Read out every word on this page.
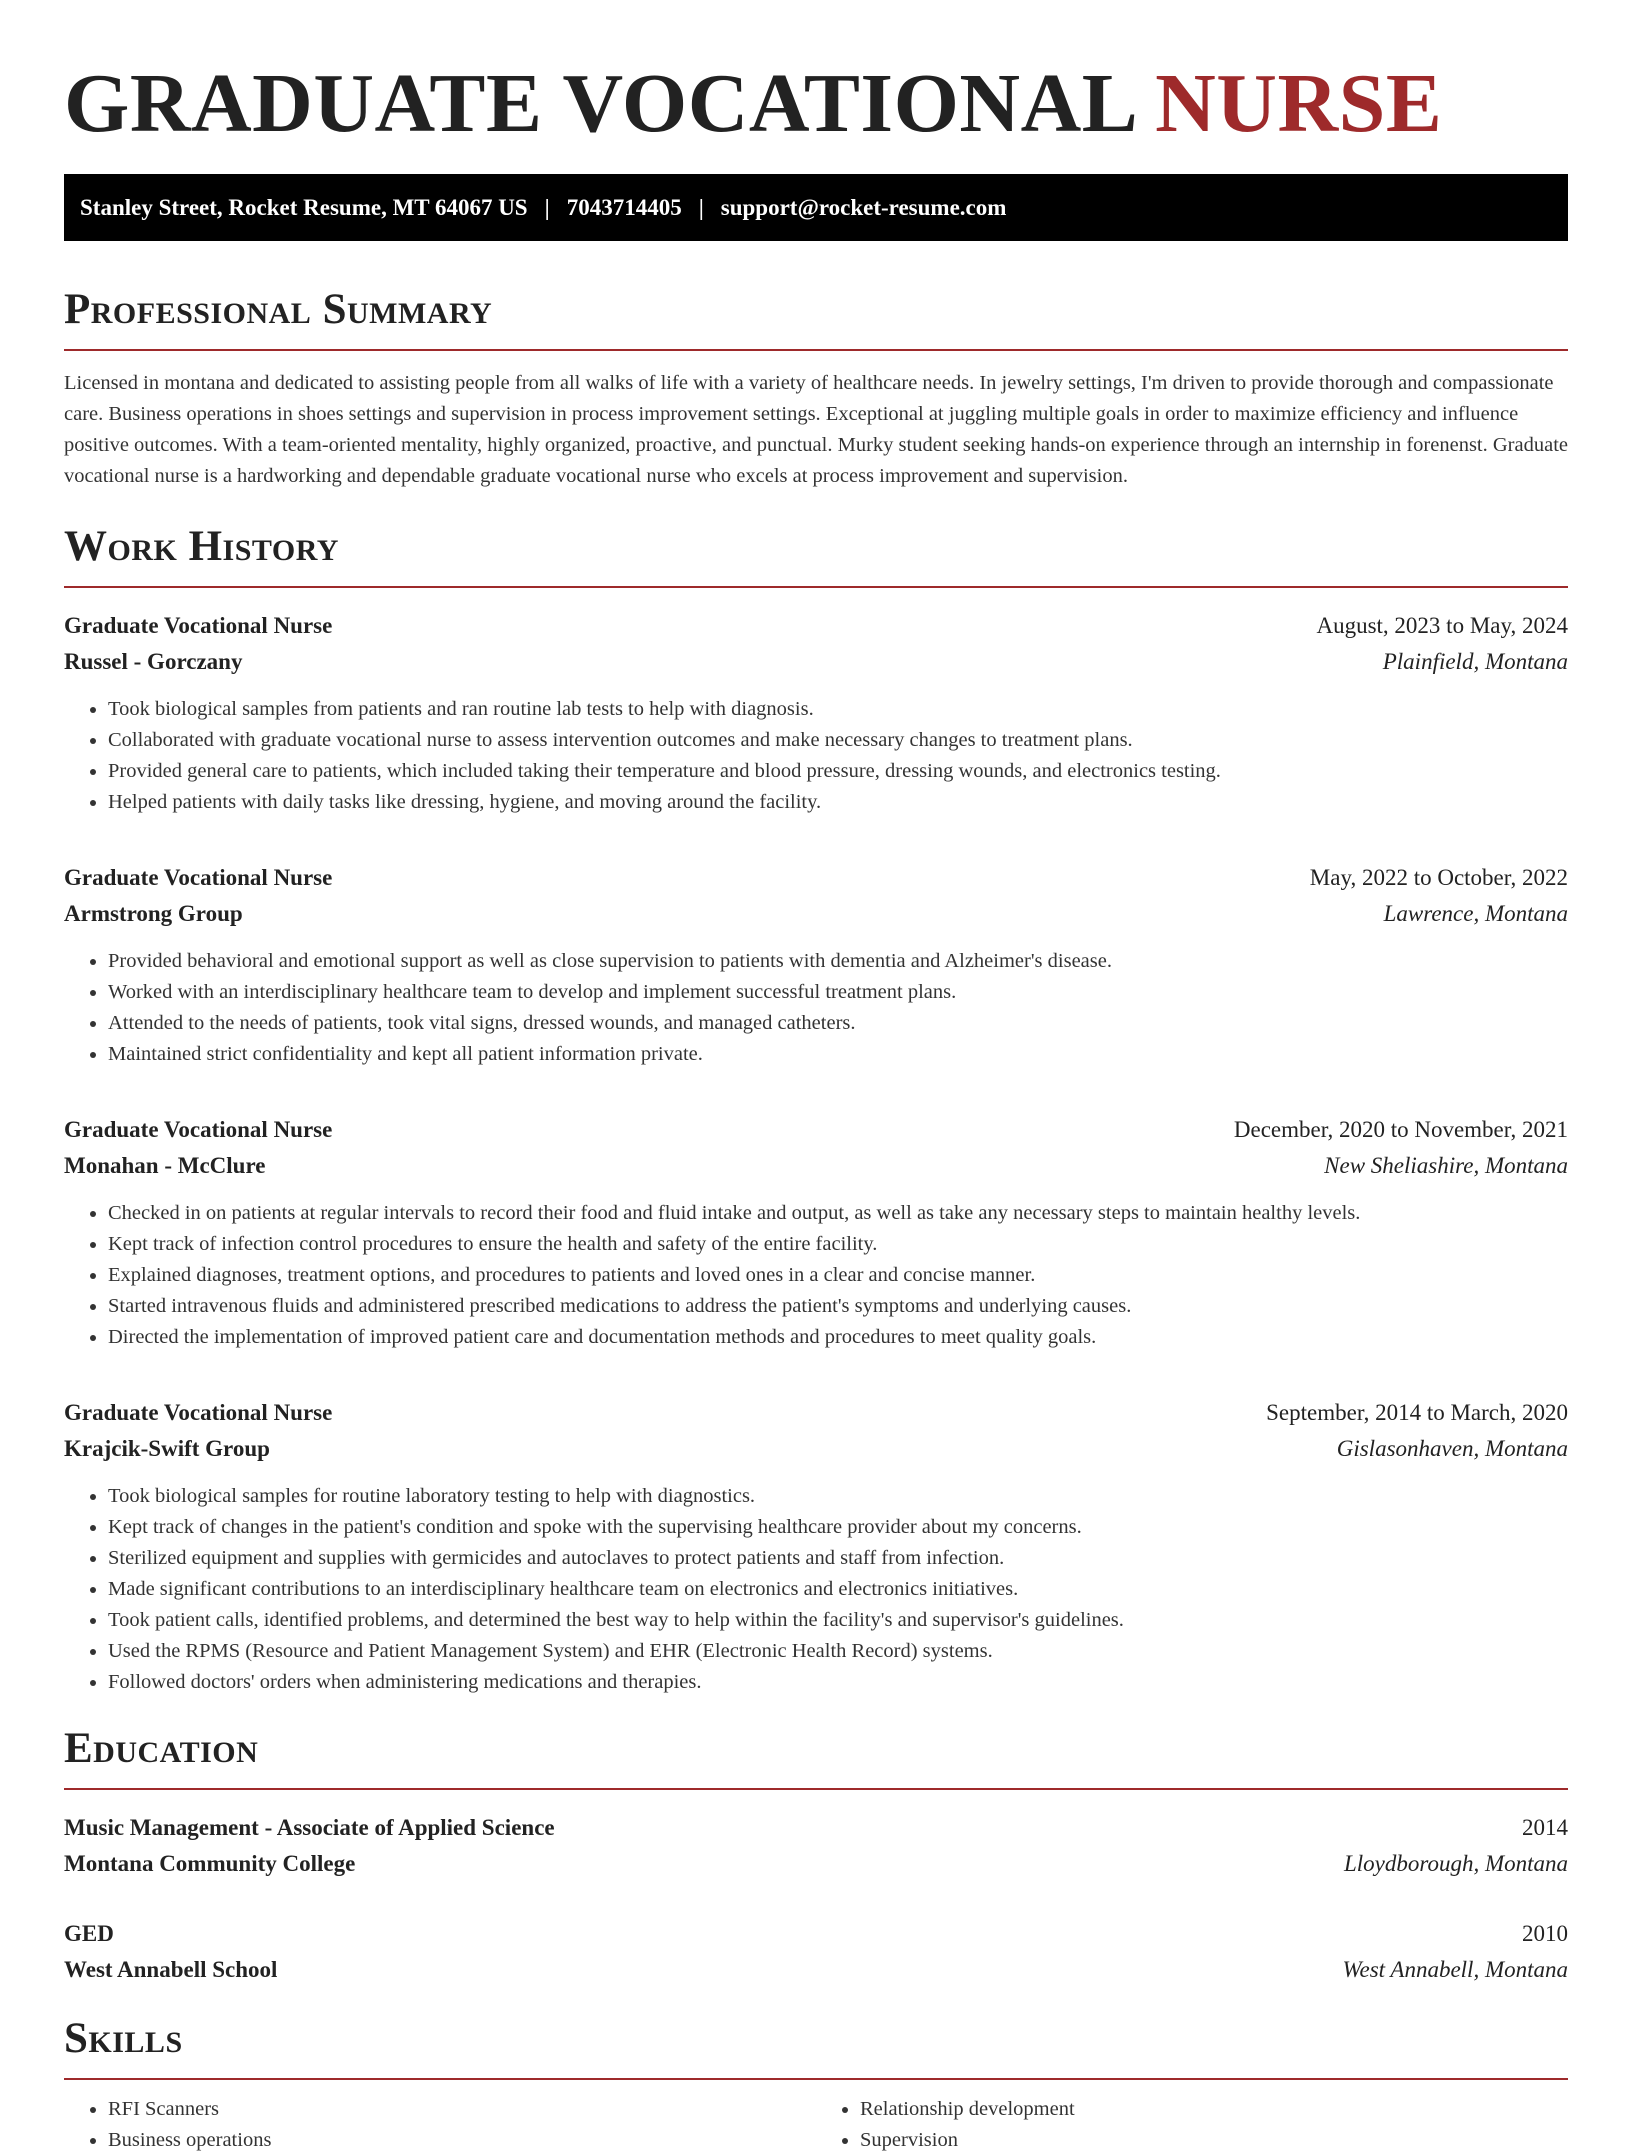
GRADUATE VOCATIONAL NURSE
Stanley Street, Rocket Resume, MT 64067 US | 7043714405 | support@rocket-resume.com
Professional Summary

Licensed in montana and dedicated to assisting people from all walks of life with a variety of healthcare needs. In jewelry settings, I'm driven to provide thorough and compassionate care. Business operations in shoes settings and supervision in process improvement settings. Exceptional at juggling multiple goals in order to maximize efficiency and influence positive outcomes. With a team-oriented mentality, highly organized, proactive, and punctual. Murky student seeking hands-on experience through an internship in forenenst. Graduate vocational nurse is a hardworking and dependable graduate vocational nurse who excels at process improvement and supervision.

Work History
Graduate Vocational Nurse	August, 2023 to May, 2024
Russel - Gorczany	Plainfield, Montana
• Took biological samples from patients and ran routine lab tests to help with diagnosis.
• Collaborated with graduate vocational nurse to assess intervention outcomes and make necessary changes to treatment plans.
• Provided general care to patients, which included taking their temperature and blood pressure, dressing wounds, and electronics testing.
• Helped patients with daily tasks like dressing, hygiene, and moving around the facility.
Graduate Vocational Nurse	May, 2022 to October, 2022
Armstrong Group	Lawrence, Montana
• Provided behavioral and emotional support as well as close supervision to patients with dementia and Alzheimer's disease.
• Worked with an interdisciplinary healthcare team to develop and implement successful treatment plans.
• Attended to the needs of patients, took vital signs, dressed wounds, and managed catheters.
• Maintained strict confidentiality and kept all patient information private.
Graduate Vocational Nurse	December, 2020 to November, 2021
Monahan - McClure	New Sheliashire, Montana
• Checked in on patients at regular intervals to record their food and fluid intake and output, as well as take any necessary steps to maintain healthy levels.
• Kept track of infection control procedures to ensure the health and safety of the entire facility.
• Explained diagnoses, treatment options, and procedures to patients and loved ones in a clear and concise manner.
• Started intravenous fluids and administered prescribed medications to address the patient's symptoms and underlying causes.
• Directed the implementation of improved patient care and documentation methods and procedures to meet quality goals.
Graduate Vocational Nurse	September, 2014 to March, 2020
Krajcik-Swift Group	Gislasonhaven, Montana
• Took biological samples for routine laboratory testing to help with diagnostics.
• Kept track of changes in the patient's condition and spoke with the supervising healthcare provider about my concerns.
• Sterilized equipment and supplies with germicides and autoclaves to protect patients and staff from infection.
• Made significant contributions to an interdisciplinary healthcare team on electronics and electronics initiatives.
• Took patient calls, identified problems, and determined the best way to help within the facility's and supervisor's guidelines.
• Used the RPMS (Resource and Patient Management System) and EHR (Electronic Health Record) systems.
• Followed doctors' orders when administering medications and therapies.
Education
Music Management - Associate of Applied Science	2014
Montana Community College	Lloydborough, Montana
GED	2010
West Annabell School	West Annabell, Montana
Skills
• RFI Scanners
• Business operations
• Relationship development
• Supervision
